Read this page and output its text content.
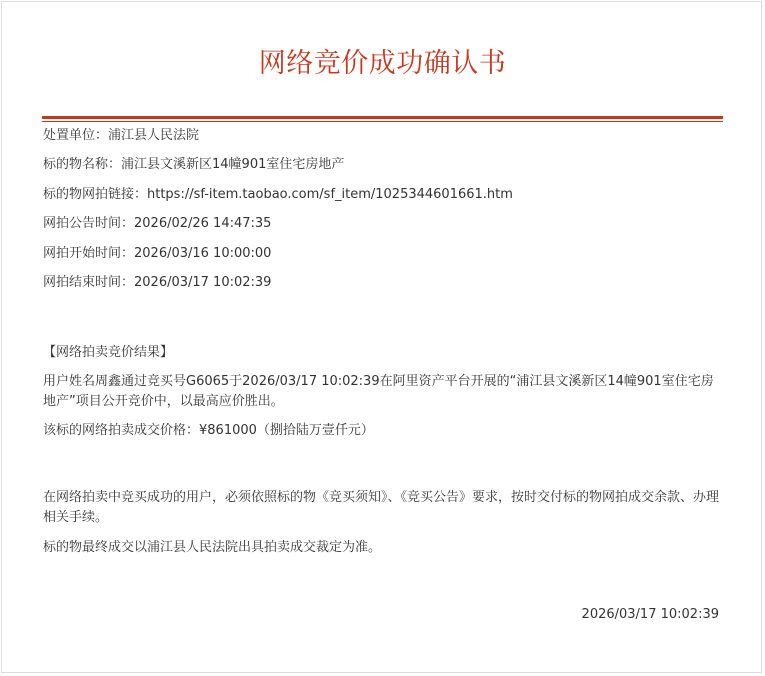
网络竞价成功确认书
处置单位：浦江县人民法院
标的物名称：浦江县文溪新区14幢901室住宅房地产
标的物网拍链接：https://sf-item.taobao.com/sf_item/1025344601661.htm
网拍公告时间：2026/02/26 14:47:35
网拍开始时间：2026/03/16 10:00:00
网拍结束时间：2026/03/17 10:02:39
【网络拍卖竞价结果】
用户姓名周鑫通过竞买号G6065于2026/03/17 10:02:39在阿里资产平台开展的“浦江县文溪新区14幢901室住宅房地产”项目公开竞价中，以最高应价胜出。
该标的网络拍卖成交价格：¥861000（捌拾陆万壹仟元）
在网络拍卖中竞买成功的用户，必须依照标的物《竞买须知》、《竞买公告》要求，按时交付标的物网拍成交余款、办理相关手续。
标的物最终成交以浦江县人民法院出具拍卖成交裁定为准。
2026/03/17 10:02:39
